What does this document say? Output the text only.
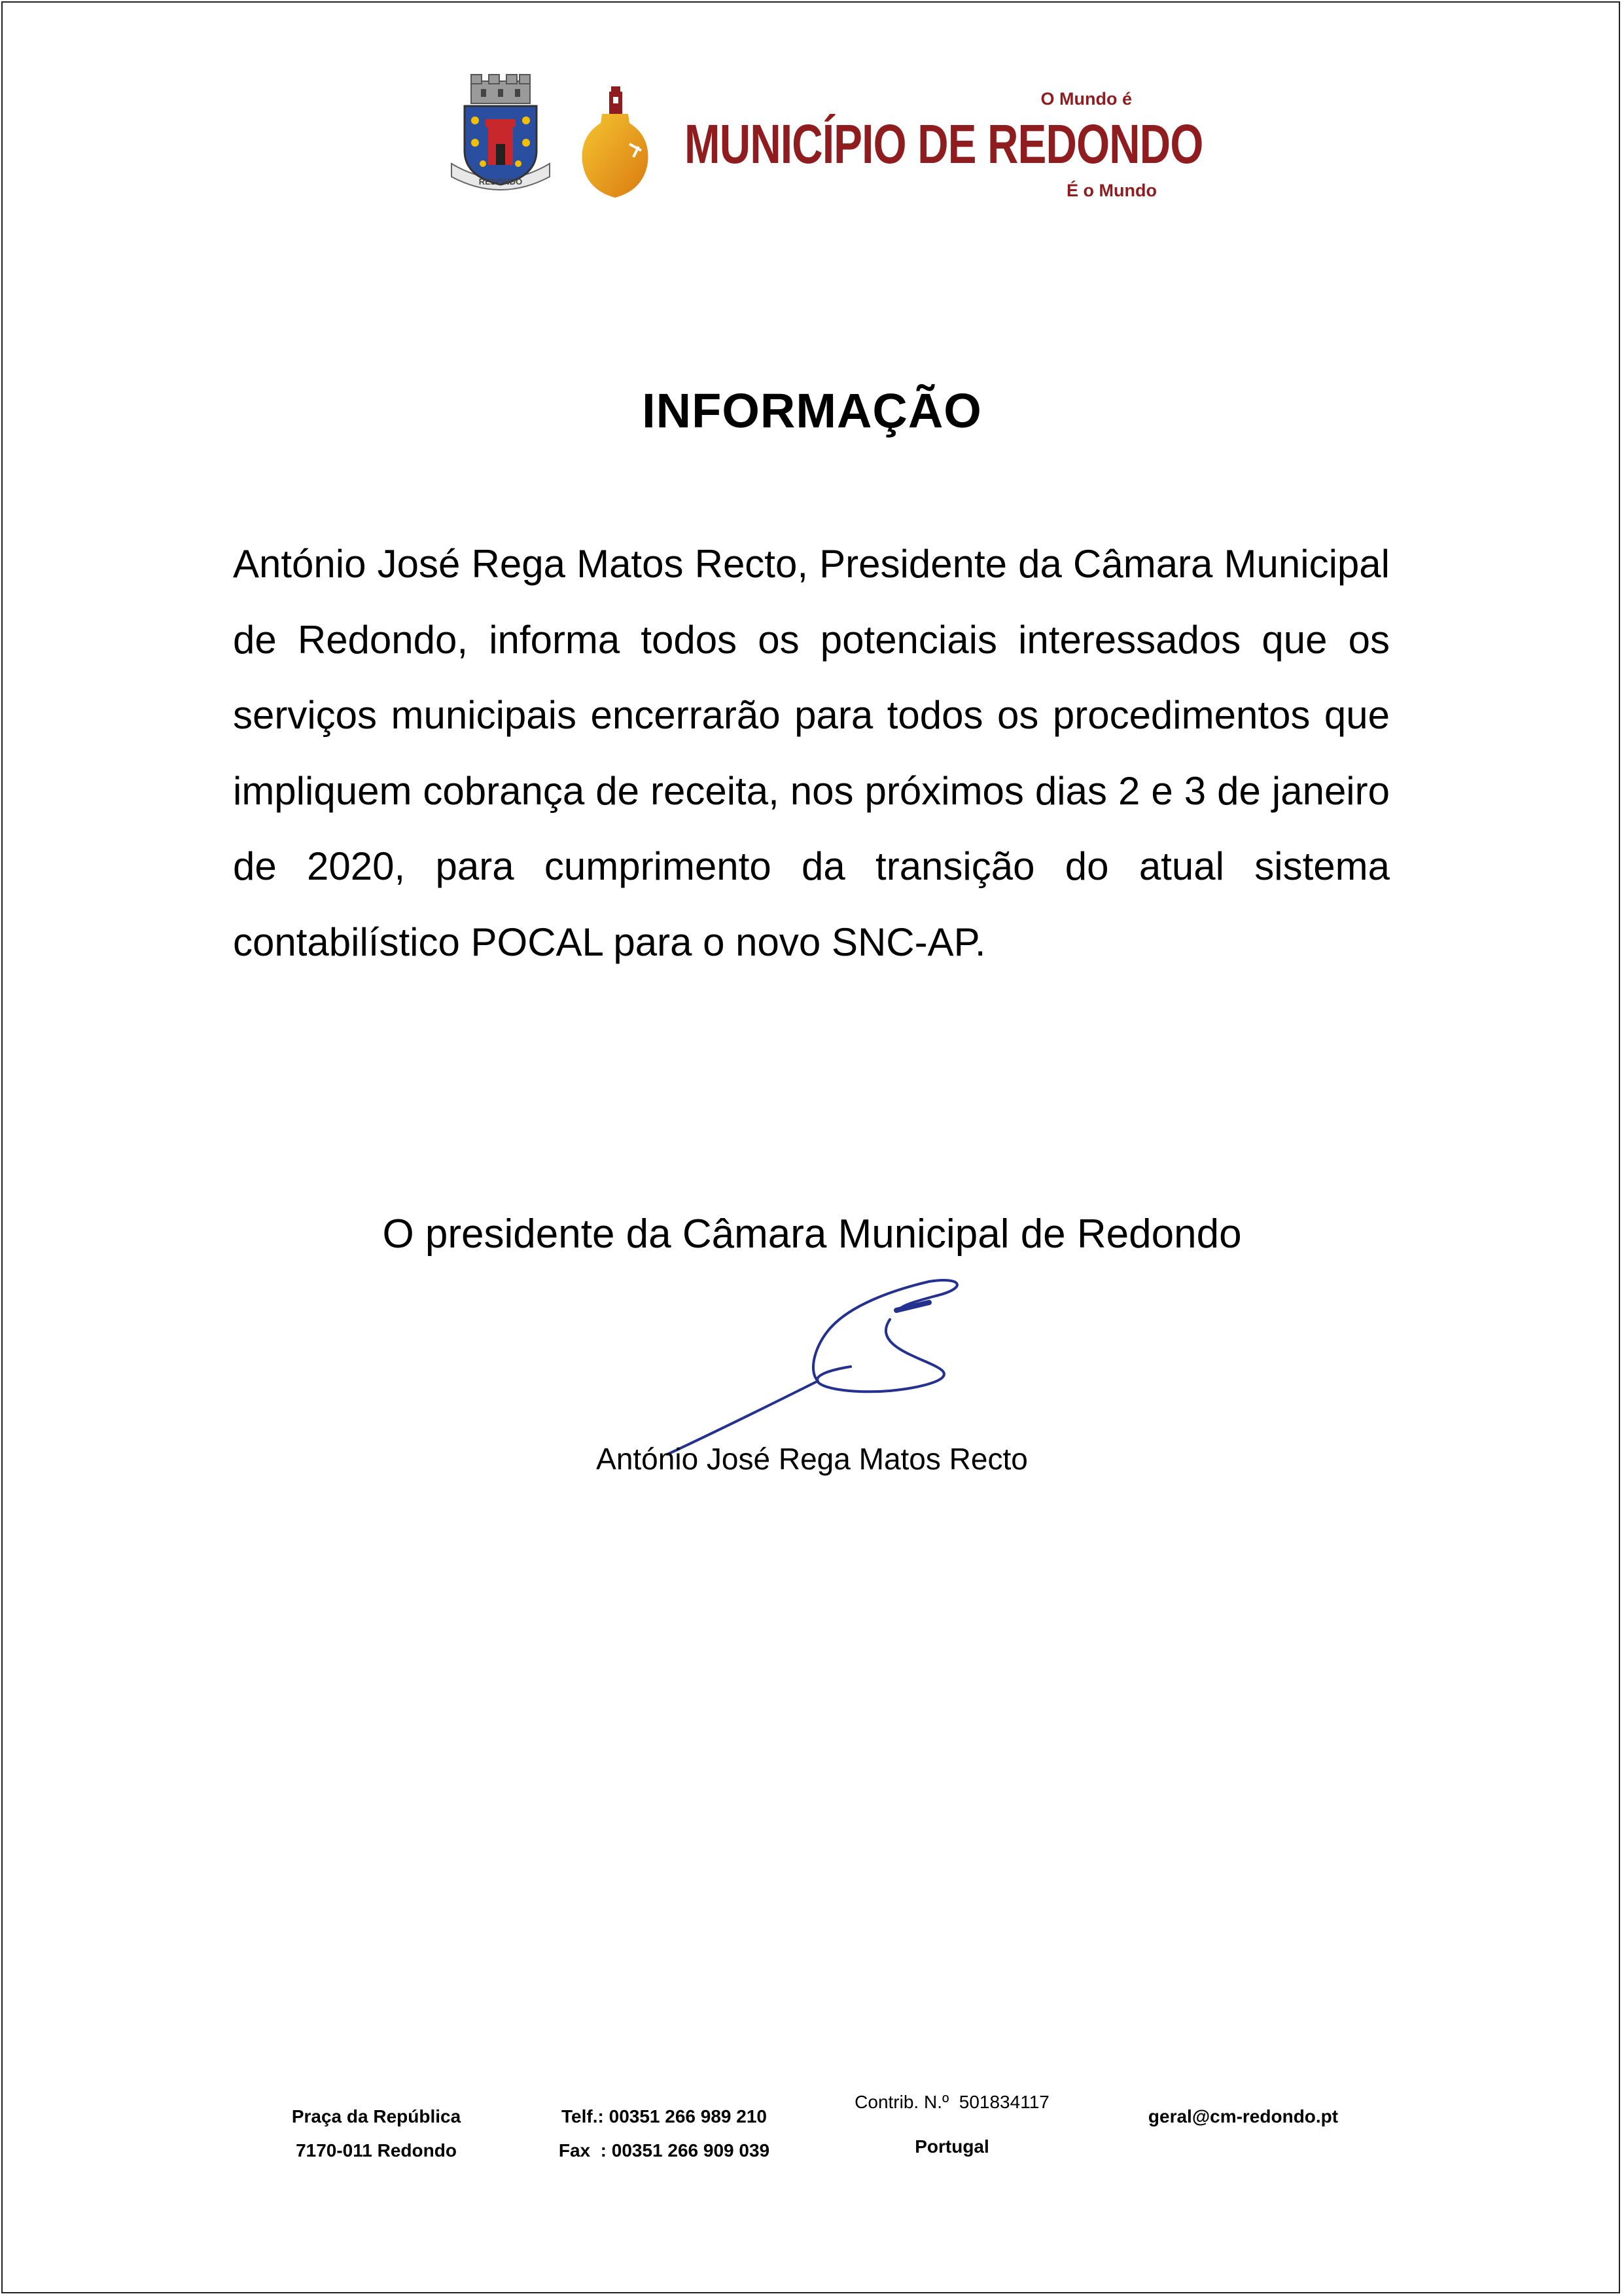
REDONDO
O Mundo é
MUNICÍPIO DE REDONDO
É o Mundo
INFORMAÇÃO

António José Rega Matos Recto, Presidente da Câmara Municipal de Redondo, informa todos os potenciais interessados que os serviços municipais encerrarão para todos os procedimentos que impliquem cobrança de receita, nos próximos dias 2 e 3 de janeiro de 2020, para cumprimento da transição do atual sistema contabilístico POCAL para o novo SNC-AP.

O presidente da Câmara Municipal de Redondo
António José Rega Matos Recto
Praça da República
7170-011 Redondo
Telf.: 00351 266 989 210
Fax  : 00351 266 909 039
Contrib. N.º  501834117
Portugal
geral@cm-redondo.pt
